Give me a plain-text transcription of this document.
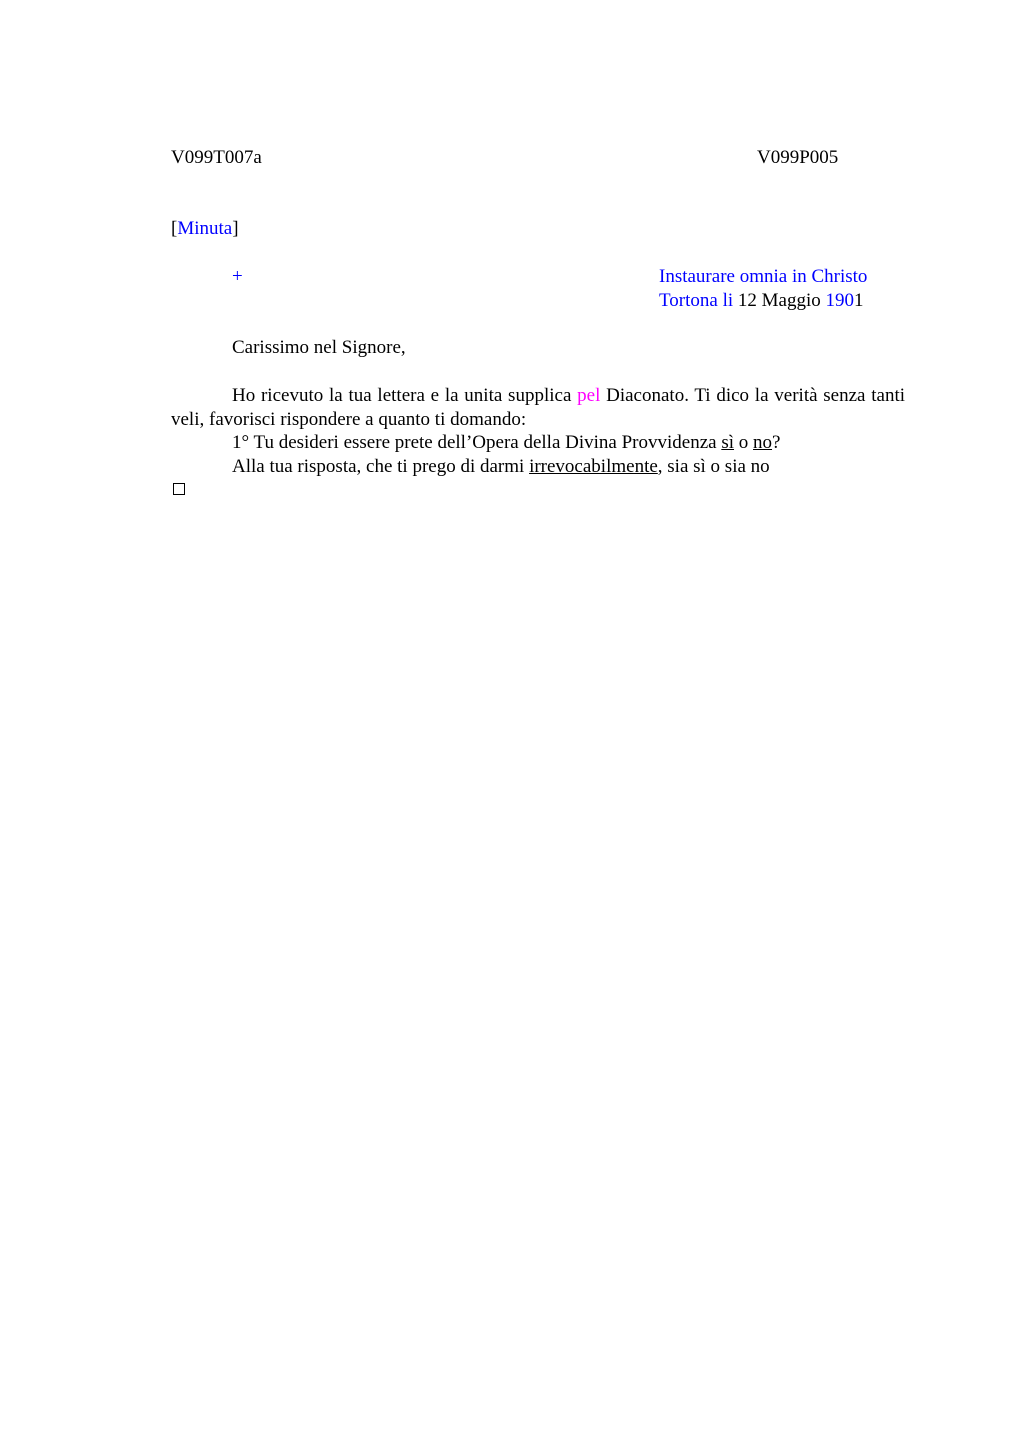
V099T007a	V099P005
[Minuta]
+	Instaurare omnia in Christo
Tortona li 12 Maggio 1901
Carissimo nel Signore,
Ho ricevuto la tua lettera e la unita supplica pel Diaconato. Ti dico la verità senza tanti veli, favorisci rispondere a quanto ti domando:
1° Tu desideri essere prete dell’Opera della Divina Provvidenza sì o no?
Alla tua risposta, che ti prego di darmi irrevocabilmente, sia sì o sia no
